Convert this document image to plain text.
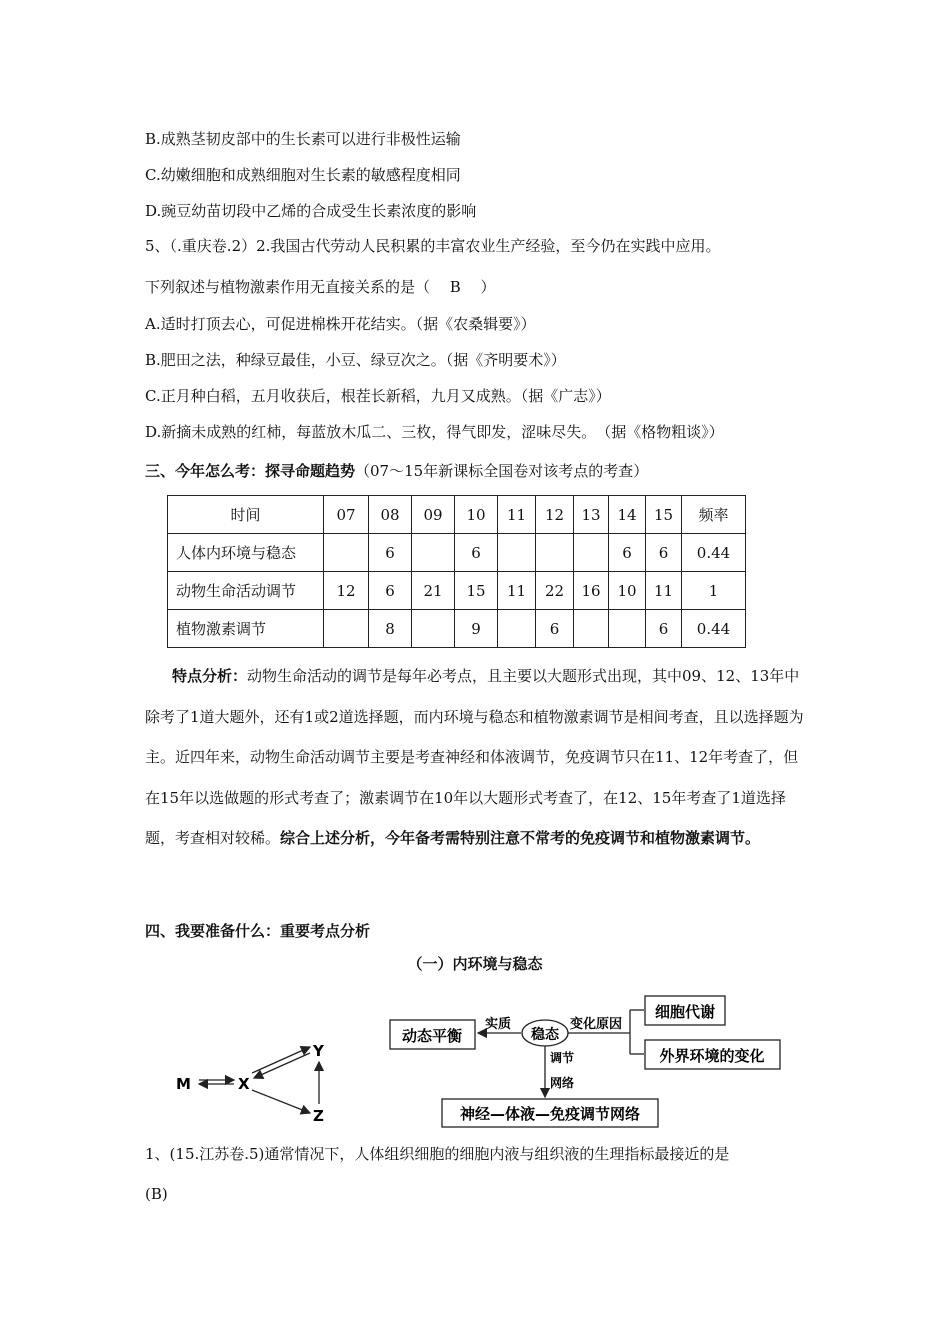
B.成熟茎韧皮部中的生长素可以进行非极性运输
C.幼嫩细胞和成熟细胞对生长素的敏感程度相同
D.豌豆幼苗切段中乙烯的合成受生长素浓度的影响
5、（.重庆卷.2）2.我国古代劳动人民积累的丰富农业生产经验，至今仍在实践中应用。
下列叙述与植物激素作用无直接关系的是（　 B　 ）
A.适时打顶去心，可促进棉株开花结实。（据《农桑辑要》）
B.肥田之法，种绿豆最佳，小豆、绿豆次之。（据《齐明要术》）
C.正月种白稻，五月收获后，根茬长新稻，九月又成熟。（据《广志》）
D.新摘未成熟的红柿，每蓝放木瓜二、三枚，得气即发，涩味尽失。　（据《格物粗谈》）
三、今年怎么考：探寻命题趋势（07～15年新课标全国卷对该考点的考查）
时间	07	08	09	10	11	12	13	14	15	频率
人体内环境与稳态		6		6				6	6	0.44
动物生命活动调节	12	6	21	15	11	22	16	10	11	1
植物激素调节		8		9		6			6	0.44
特点分析：动物生命活动的调节是每年必考点，且主要以大题形式出现，其中09、12、13年中除考了1道大题外，还有1或2道选择题，而内环境与稳态和植物激素调节是相间考查，且以选择题为主。近四年来，动物生命活动调节主要是考查神经和体液调节，免疫调节只在11、12年考查了，但在15年以选做题的形式考查了；激素调节在10年以大题形式考查了，在12、15年考查了1道选择题，考查相对较稀。综合上述分析，今年备考需特别注意不常考的免疫调节和植物激素调节。
四、我要准备什么：重要考点分析
（一）内环境与稳态
M	X
Y
Z
动态平衡	稳态
实质	变化原因
细胞代谢
外界环境的变化
调节
网络
神经—体液—免疫调节网络
1、(15.江苏卷.5)通常情况下，人体组织细胞的细胞内液与组织液的生理指标最接近的是
(B)
